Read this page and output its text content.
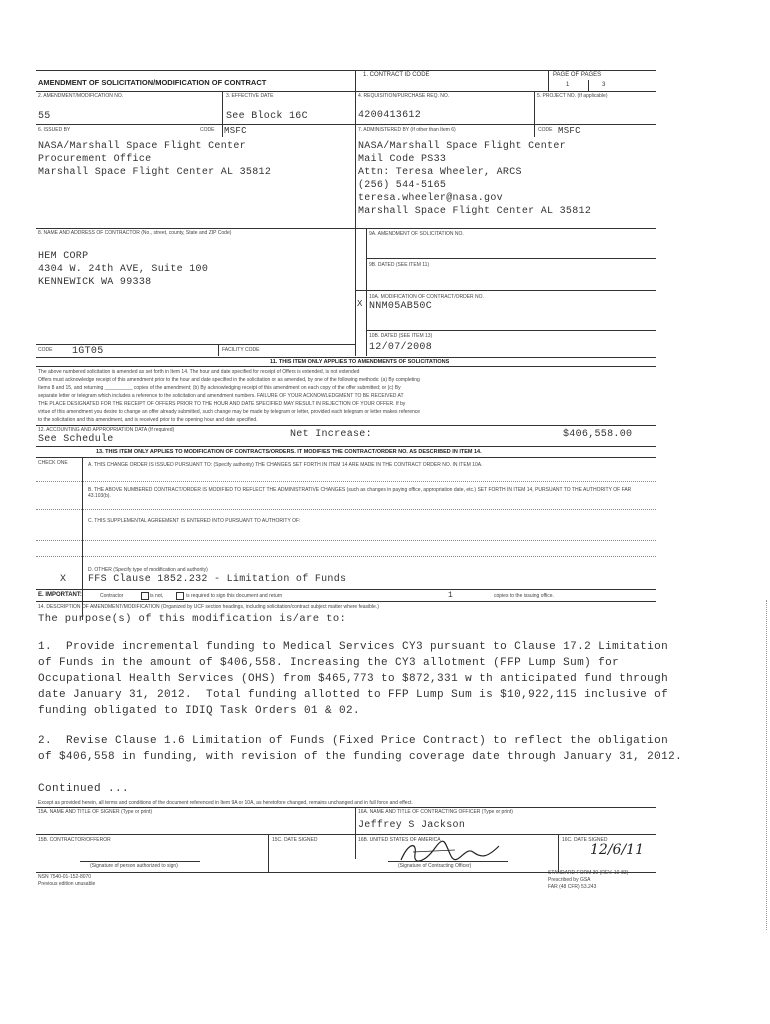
AMENDMENT OF SOLICITATION/MODIFICATION OF CONTRACT
1. CONTRACT ID CODE	PAGE OF PAGES
1	3
2. AMENDMENT/MODIFICATION NO.
55
3. EFFECTIVE DATE
See Block 16C
4. REQUISITION/PURCHASE REQ. NO.
4200413612
5. PROJECT NO. (If applicable)
6. ISSUED BY	CODE MSFC
NASA/Marshall Space Flight Center
Procurement Office
Marshall Space Flight Center AL 35812
7. ADMINISTERED BY (If other than Item 6)	CODE MSFC
NASA/Marshall Space Flight Center
Mail Code PS33
Attn: Teresa Wheeler, ARCS
(256) 544-5165
teresa.wheeler@nasa.gov
Marshall Space Flight Center AL 35812
8. NAME AND ADDRESS OF CONTRACTOR (No., street, county, State and ZIP Code)
HEM CORP
4304 W. 24th AVE, Suite 100
KENNEWICK WA 99338
9A. AMENDMENT OF SOLICITATION NO.
9B. DATED (SEE ITEM 11)
X
10A. MODIFICATION OF CONTRACT/ORDER NO.
NNM05AB50C
10B. DATED (SEE ITEM 13)
12/07/2008
CODE 1GT05	FACILITY CODE
11. THIS ITEM ONLY APPLIES TO AMENDMENTS OF SOLICITATIONS
The above numbered solicitation is amended as set forth in Item 14. The hour and date specified for receipt of Offers is extended, is not extended
Offers must acknowledge receipt of this amendment prior to the hour and date specified in the solicitation or as amended, by one of the following methods: (a) By completing
Items 8 and 15, and returning __________ copies of the amendment; (b) By acknowledging receipt of this amendment on each copy of the offer submitted; or (c) By
separate letter or telegram which includes a reference to the solicitation and amendment numbers. FAILURE OF YOUR ACKNOWLEDGMENT TO BE RECEIVED AT
THE PLACE DESIGNATED FOR THE RECEIPT OF OFFERS PRIOR TO THE HOUR AND DATE SPECIFIED MAY RESULT IN REJECTION OF YOUR OFFER. If by
virtue of this amendment you desire to change an offer already submitted, such change may be made by telegram or letter, provided each telegram or letter makes reference
to the solicitation and this amendment, and is received prior to the opening hour and date specified.
12. ACCOUNTING AND APPROPRIATION DATA (If required)
See Schedule	Net Increase:	$406,558.00
13. THIS ITEM ONLY APPLIES TO MODIFICATION OF CONTRACTS/ORDERS. IT MODIFIES THE CONTRACT/ORDER NO. AS DESCRIBED IN ITEM 14.
CHECK ONE	A. THIS CHANGE ORDER IS ISSUED PURSUANT TO: (Specify authority) THE CHANGES SET FORTH IN ITEM 14 ARE MADE IN THE CONTRACT ORDER NO. IN ITEM 10A.
B. THE ABOVE NUMBERED CONTRACT/ORDER IS MODIFIED TO REFLECT THE ADMINISTRATIVE CHANGES (such as changes in paying office, appropriation date, etc.) SET FORTH IN ITEM 14, PURSUANT TO THE AUTHORITY OF FAR 43.103(b).
C. THIS SUPPLEMENTAL AGREEMENT IS ENTERED INTO PURSUANT TO AUTHORITY OF:
D. OTHER (Specify type of modification and authority)
X FFS Clause 1852.232 - Limitation of Funds
E. IMPORTANT:	Contractor	is not,	is required to sign this document and return	1	copies to the issuing office.
14. DESCRIPTION OF AMENDMENT/MODIFICATION (Organized by UCF section headings, including solicitation/contract subject matter where feasible.)
The purpose(s) of this modification is/are to:
1.  Provide incremental funding to Medical Services CY3 pursuant to Clause 17.2 Limitation
of Funds in the amount of $406,558. Increasing the CY3 allotment (FFP Lump Sum) for
Occupational Health Services (OHS) from $465,773 to $872,331 w th anticipated fund through
date January 31, 2012.  Total funding allotted to FFP Lump Sum is $10,922,115 inclusive of
funding obligated to IDIQ Task Orders 01 & 02.
2.  Revise Clause 1.6 Limitation of Funds (Fixed Price Contract) to reflect the obligation
of $406,558 in funding, with revision of the funding coverage date through January 31, 2012.
Continued ...
Except as provided herein, all terms and conditions of the document referenced in Item 9A or 10A, as heretofore changed, remains unchanged and in full force and effect.
15A. NAME AND TITLE OF SIGNER (Type or print)	16A. NAME AND TITLE OF CONTRACTING OFFICER (Type or print)
Jeffrey S Jackson
15B. CONTRACTOR/OFFEROR	15C. DATE SIGNED	16B. UNITED STATES OF AMERICA	16C. DATE SIGNED
12/6/11
(Signature of person authorized to sign)	(Signature of Contracting Officer)
NSN 7540-01-152-8070
Previous edition unusable
STANDARD FORM 30 (REV. 10-83)
Prescribed by GSA
FAR (48 CFR) 53.243
